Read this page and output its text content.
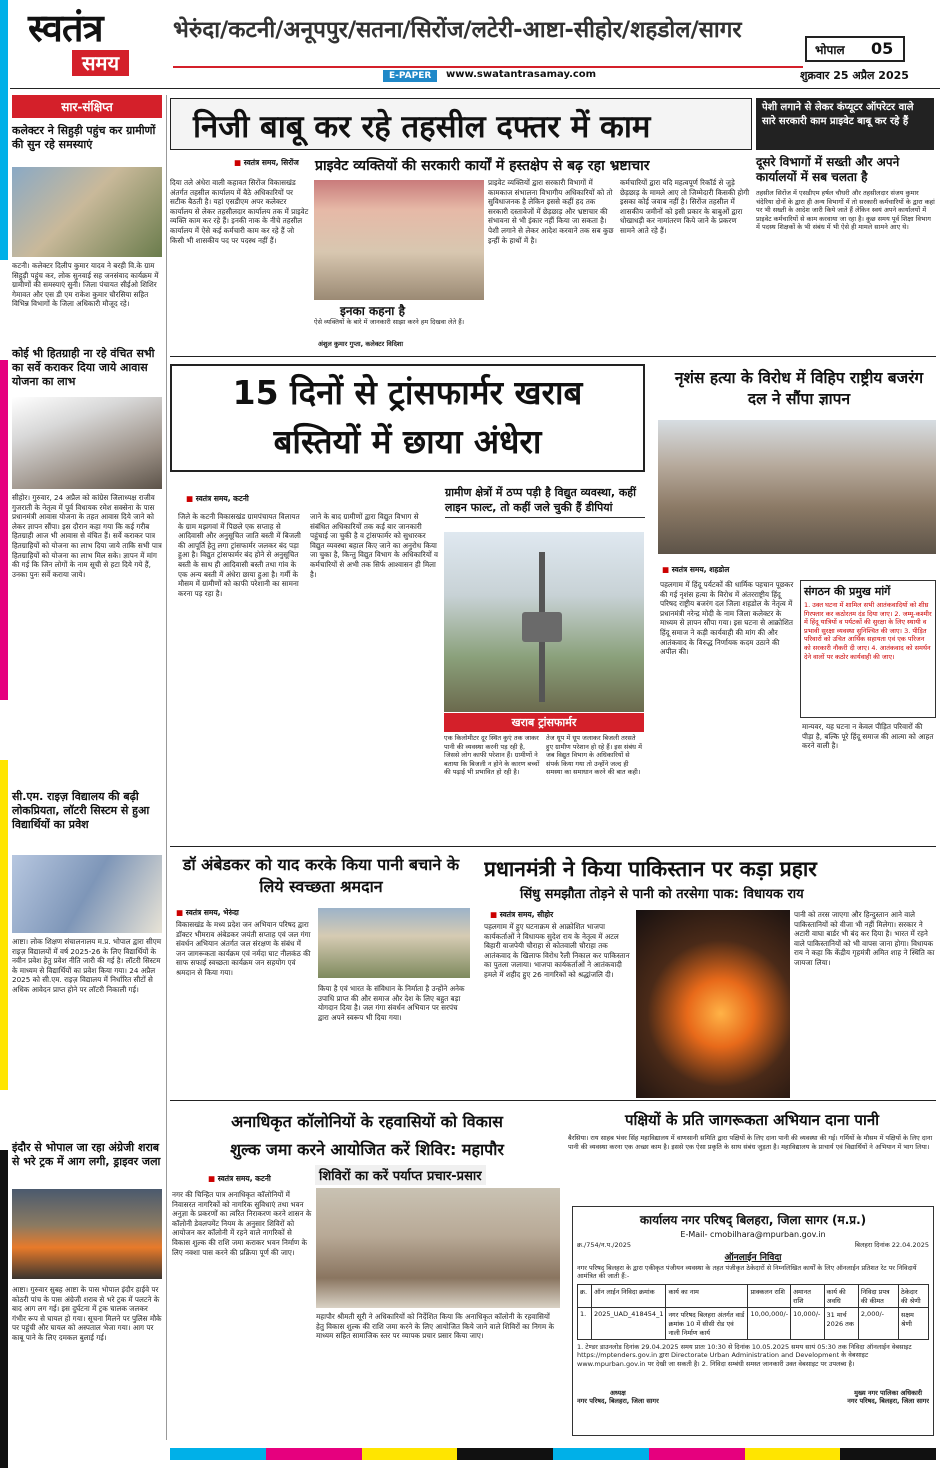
स्वतंत्र
समय
भेरुंदा/कटनी/अनूपपुर/सतना/सिरोंज/लटेरी-आष्टा-सीहोर/शहडोल/सागर
E-PAPER	www.swatantrasamay.com
भोपाल 05
शुक्रवार 25 अप्रैल 2025
सार-संक्षिप्त
कलेक्टर ने सिहुड़ी पहुंच कर ग्रामीणों की सुन रहे समस्याएं
कटनी। कलेक्टर दिलीप कुमार यादव ने बरही वि.के ग्राम सिहुड़ी पहुंच कर, लोक सुनवाई सह जनसंवाद कार्यक्रम में ग्रामीणों की समस्याएं सुनी। जिला पंचायत सीईओ शिशिर गेमावत और एस डी एम राकेश कुमार चौरसिया सहित विभिन्न विभागों के जिला अधिकारी मौजूद रहे।
कोई भी हितग्राही ना रहे वंचित सभी का सर्वे कराकर दिया जाये आवास योजना का लाभ
सीहोर। गुरुवार, 24 अप्रैल को कांग्रेस जिलाध्यक्ष राजीव गुजराती के नेतृत्व में पूर्व विधायक रमेश सक्सेना के पास प्रधानमंत्री आवास योजना के तहत आवास दिये जाने को लेकर ज्ञापन सौंपा। इस दौरान कहा गया कि कई गरीब हितग्राही आज भी आवास से वंचित हैं। सर्वे कराकर पात्र हितग्राहियों को योजना का लाभ दिया जाये ताकि सभी पात्र हितग्राहियों को योजना का लाभ मिल सके। ज्ञापन में मांग की गई कि जिन लोगों के नाम सूची से हटा दिये गये हैं, उनका पुनः सर्वे कराया जाये।
सी.एम. राइज़ विद्यालय की बढ़ी लोकप्रियता, लॉटरी सिस्टम से हुआ विद्यार्थियों का प्रवेश
आष्टा। लोक शिक्षण संचालनालय म.प्र. भोपाल द्वारा सीएम राइज़ विद्यालयों में वर्ष 2025-26 के लिए विद्यार्थियों के नवीन प्रवेश हेतु प्रवेश नीति जारी की गई है। लॉटरी सिस्टम के माध्यम से विद्यार्थियों का प्रवेश किया गया। 24 अप्रैल 2025 को सी.एम. राइज़ विद्यालय में निर्धारित सीटों से अधिक आवेदन प्राप्त होने पर लॉटरी निकाली गई।
इंदौर से भोपाल जा रहा अंग्रेजी शराब से भरे ट्रक में आग लगी, ड्राइवर जला
आष्टा। गुरुवार सुबह आष्टा के पास भोपाल इंदौर हाईवे पर कोठरी पांच के पास अंग्रेजी शराब से भरे ट्रक में पलटने के बाद आग लग गई। इस दुर्घटना में ट्रक चालक जलकर गंभीर रूप से घायल हो गया। सूचना मिलने पर पुलिस मौके पर पहुंची और घायल को अस्पताल भेजा गया। आग पर काबू पाने के लिए दमकल बुलाई गई।
निजी बाबू कर रहे तहसील दफ्तर में काम
पेशी लगाने से लेकर कंप्यूटर ऑपरेटर वाले सारे सरकारी काम प्राइवेट बाबू कर रहे हैं
■ स्वतंत्र समय, सिरोंज प्राइवेट व्यक्तियों की सरकारी कार्यों में हस्तक्षेप से बढ़ रहा भ्रष्टाचार
दिया तले अंधेरा वाली कहावत सिरोंज विकासखंड अंतर्गत तहसील कार्यालय में बैठे अधिकारियों पर सटीक बैठती है। यहां एसडीएम अपर कलेक्टर कार्यालय से लेकर तहसीलदार कार्यालय तक में प्राइवेट व्यक्ति काम कर रहे हैं। इनकी नाक के नीचे तहसील कार्यालय में ऐसे कई कर्मचारी काम कर रहे हैं जो किसी भी शासकीय पद पर पदस्थ नहीं हैं।
इनका कहना है
ऐसे व्यक्तियों के बारे में जानकारी साझा करने हम दिखवा लेते हैं।
अंशुल कुमार गुप्ता, कलेक्टर विदिशा
प्राइवेट व्यक्तियों द्वारा सरकारी विभागों में कामकाज संभालना विभागीय अधिकारियों को तो सुविधाजनक है लेकिन इससे कहीं हद तक सरकारी दस्तावेजों में छेड़छाड़ और भ्रष्टाचार की संभावना से भी इंकार नहीं किया जा सकता है। पेशी लगाने से लेकर आदेश करवाने तक सब कुछ इन्हीं के हाथों में है।
कर्मचारियों द्वारा यदि महत्वपूर्ण रिकॉर्ड से जुड़े छेड़छाड़ के मामले आए तो जिम्मेदारी किसकी होगी इसका कोई जवाब नहीं है। सिरोंज तहसील में शासकीय जमीनों को इसी प्रकार के बाबुओं द्वारा धोखाधड़ी कर नामांतरण किये जाने के प्रकरण सामने आते रहे हैं।
दूसरे विभागों में सख्ती और अपने कार्यालयों में सब चलता है
तहसील सिरोंज में एसडीएम हर्षल चौधरी और तहसीलदार संजय कुमार चंदेरिया दोनों के द्वारा ही अन्य विभागों में तो सरकारी कर्मचारियों के द्वारा कहां पर भी सख्ती के आदेश जारी किये जाते हैं लेकिन स्वयं अपने कार्यालयों में प्राइवेट कर्मचारियों से काम करवाया जा रहा है। कुछ समय पूर्व शिक्षा विभाग में पदस्थ शिक्षकों के भी संबंध में भी ऐसे ही मामले सामने आए थे।
15 दिनों से ट्रांसफार्मर खराब
बस्तियों में छाया अंधेरा
■ स्वतंत्र समय, कटनी	ग्रामीण क्षेत्रों में ठप्प पड़ी है विद्युत व्यवस्था, कहीं लाइन फाल्ट, तो कहीं जले चुकी हैं डीपियां
जिले के कटनी विकासखंड ग्रामपंचायत विलायत के ग्राम मझगवां में पिछले एक सप्ताह से आदिवासी और अनुसूचित जाति बस्ती में बिजली की आपूर्ति हेतु लगा ट्रांसफार्मर जलकर बंद पड़ा हुआ है। विद्युत ट्रांसफार्मर बंद होने से अनुसूचित बस्ती के साथ ही आदिवासी बस्ती तथा गांव के एक अन्य बस्ती में अंधेरा छाया हुआ है। गर्मी के मौसम में ग्रामीणों को काफी परेशानी का सामना करना पड़ रहा है।
जाने के बाद ग्रामीणों द्वारा विद्युत विभाग से संबंधित अधिकारियों तक कई बार जानकारी पहुंचाई जा चुकी है व ट्रांसफार्मर को सुधारकर विद्युत व्यवस्था बहाल किए जाने का अनुरोध किया जा चुका है, किन्तु विद्युत विभाग के अधिकारियों व कर्मचारियों से अभी तक सिर्फ आश्वासन ही मिला है।
खराब ट्रांसफार्मर
एक किलोमीटर दूर स्थित कुएं तक जाकर पानी की व्यवस्था करनी पड़ रही है, जिससे लोग काफी परेशान हैं। ग्रामीणों ने बताया कि बिजली न होने के कारण बच्चों की पढ़ाई भी प्रभावित हो रही है।
तेज धूप में धूप जलाकर बिजली तरसते हुए ग्रामीण परेशान हो रहे हैं। इस संबंध में जब विद्युत विभाग के अधिकारियों से संपर्क किया गया तो उन्होंने जल्द ही समस्या का समाधान करने की बात कही।
नृशंस हत्या के विरोध में विहिप राष्ट्रीय बजरंग दल ने सौंपा ज्ञापन
■ स्वतंत्र समय, शहडोल
पहलगाम में हिंदू पर्यटकों की धार्मिक पहचान पूछकर की गई नृशंस हत्या के विरोध में अंतरराष्ट्रीय हिंदू परिषद राष्ट्रीय बजरंग दल जिला शहडोल के नेतृत्व में प्रधानमंत्री नरेन्द्र मोदी के नाम जिला कलेक्टर के माध्यम से ज्ञापन सौंपा गया। इस घटना से आक्रोशित हिंदू समाज ने कड़ी कार्यवाही की मांग की और आतंकवाद के विरुद्ध निर्णायक कदम उठाने की अपील की।
संगठन की प्रमुख मांगें
1. उक्त घटना में शामिल सभी आतंकवादियों को शीघ्र गिरफ्तार कर कठोरतम दंड दिया जाए। 2. जम्मू-कश्मीर में हिंदू यात्रियों व पर्यटकों की सुरक्षा के लिए स्थायी व प्रभावी सुरक्षा व्यवस्था सुनिश्चित की जाए। 3. पीड़ित परिवारों को उचित आर्थिक सहायता एवं एक परिजन को सरकारी नौकरी दी जाए। 4. आतंकवाद को समर्थन देने वालों पर कठोर कार्यवाही की जाए।
मान्यवर, यह घटना न केवल पीड़ित परिवारों की पीड़ा है, बल्कि पूरे हिंदू समाज की आत्मा को आहत करने वाली है।
डॉ अंबेडकर को याद करके किया पानी बचाने के लिये स्वच्छता श्रमदान
■ स्वतंत्र समय, भेरुंदा
विकासखंड के मध्य प्रदेश जन अभियान परिषद द्वारा डॉक्टर भीमराव अंबेडकर जयंती सप्ताह एवं जल गंगा संवर्धन अभियान अंतर्गत जल संरक्षण के संबंध में जन जागरूकता कार्यक्रम एवं नर्मदा घाट नीलकंठ की साफ सफाई स्वच्छता कार्यक्रम जन सहयोग एवं श्रमदान से किया गया।
किया है एवं भारत के संविधान के निर्माता है उन्होंने अनेक उपाधि प्राप्त की और समाज और देश के लिए बहुत बड़ा योगदान दिया है। जल गंगा संवर्धन अभियान पर सरपंच द्वारा अपने स्वरूप भी दिया गया।
प्रधानमंत्री ने किया पाकिस्तान पर कड़ा प्रहार
सिंधु समझौता तोड़ने से पानी को तरसेगा पाक: विधायक राय
■ स्वतंत्र समय, सीहोर
पहलगाम में हुए घटनाक्रम से आक्रोशित भाजपा कार्यकर्ताओं ने विधायक सुदेश राय के नेतृत्व में अटल बिहारी वाजपेयी चौराहा से कोतवाली चौराहा तक आतंकवाद के खिलाफ विरोध रैली निकाल कर पाकिस्तान का पुतला जलाया। भाजपा कार्यकर्ताओं ने आतंकवादी हमले में शहीद हुए 26 नागरिकों को श्रद्धांजलि दी।
पानी को तरस जाएगा और हिन्दुस्तान आने वाले पाकिस्तानियों को वीजा भी नहीं मिलेगा। सरकार ने अटारी वाघा बार्डर भी बंद कर दिया है। भारत में रहने वाले पाकिस्तानियों को भी वापस जाना होगा। विधायक राय ने कहा कि केंद्रीय गृहमंत्री अमित शाह ने स्थिति का जायजा लिया।
अनाधिकृत कॉलोनियों के रहवासियों को विकास
शुल्क जमा करने आयोजित करें शिविर: महापौर
शिविरों का करें पर्याप्त प्रचार-प्रसार
■ स्वतंत्र समय, कटनी
नगर की चिन्हित पात्र अनाधिकृत कॉलोनियों में निवासरत नागरिकों को नागरिक सुविधाएं तथा भवन अनुज्ञा के प्रकरणों का त्वरित निराकरण करने शासन के कॉलोनी डेवलपमेंट नियम के अनुसार शिविरों को आयोजन कर कॉलोनी में रहने वाले नागरिकों से विकास शुल्क की राशि जमा कराकर भवन निर्माण के लिए नक्शा पास करने की प्रक्रिया पूर्ण की जाए।
महापौर श्रीमती सूरी ने अधिकारियों को निर्देशित किया कि अनाधिकृत कॉलोनी के रहवासियों हेतु विकास शुल्क की राशि जमा करने के लिए आयोजित किये जाने वाले शिविरों का निगम के माध्यम सहित सामाजिक स्तर पर व्यापक प्रचार प्रसार किया जाए।
पक्षियों के प्रति जागरूकता अभियान दाना पानी
बैरसिया। राय साहब भंवर सिंह महाविद्यालय में वाणसानी समिति द्वारा पक्षियों के लिए दाना पानी की व्यवस्था की गई। गर्मियों के मौसम में पक्षियों के लिए दाना पानी की व्यवस्था करना एक अच्छा काम है। इससे एक ऐसा प्रकृति के साथ संबंध जुड़ता है। महाविद्यालय के प्राचार्य एवं विद्यार्थियों ने अभियान में भाग लिया।
कार्यालय नगर परिषद् बिलहरा, जिला सागर (म.प्र.)
E-Mail- cmobilhara@mpurban.gov.in
क्र./754/न.प./2025	बिलहरा दिनांक 22.04.2025
ऑनलाईन निविदा
नगर परिषद् बिलहरा के द्वारा एकीकृत पंजीयन व्यवस्था के तहत पंजीकृत ठेकेदारों से निम्नलिखित कार्यों के लिए ऑनलाईन प्रतिशत रेट पर निविदायें आमंत्रित की जाती हैं:-
क्र.	ऑन लाईन निविदा क्रमांक	कार्य का नाम	प्राक्कलन राशि	अमानत राशि	कार्य की अवधि	निविदा प्रपत्र की कीमत	ठेकेदार की श्रेणी
1.	2025_UAD_418454_1	नगर परिषद बिलहरा अंतर्गत वार्ड क्रमांक 10 में सीसी रोड एवं नाली निर्माण कार्य	10,00,000/-	10,000/-	31 मार्च 2026 तक	2,000/-	सक्षम श्रेणी
1. टेण्डर डाउनलोड दिनांक 29.04.2025 समय प्रातः 10:30 से दिनांक 10.05.2025 समय सायं 05:30 तक निविदा ऑनलाईन वेबसाइट https://mptenders.gov.in द्वारा Directorate Urban Administration and Development के वेबसाइट www.mpurban.gov.in पर देखी जा सकती है। 2. निविदा सम्बंधी समस्त जानकारी उक्त वेबसाइट पर उपलब्ध है।
अध्यक्ष
नगर परिषद, बिलहरा, जिला सागर
मुख्य नगर पालिका अधिकारी
नगर परिषद, बिलहरा, जिला सागर
